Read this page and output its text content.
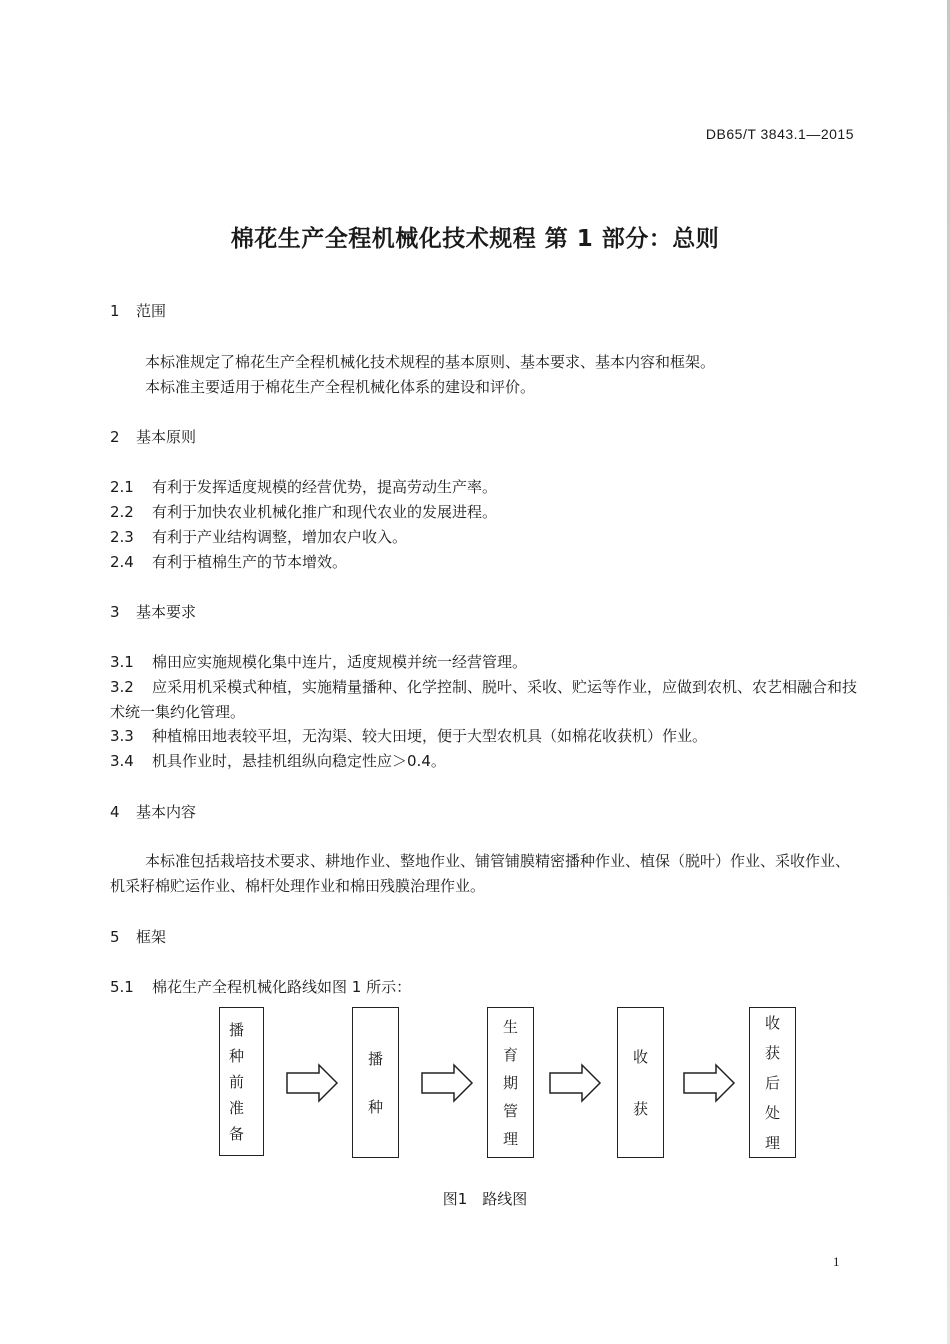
DB65/T 3843.1—2015
棉花生产全程机械化技术规程 第 1 部分：总则
1 范围
本标准规定了棉花生产全程机械化技术规程的基本原则、基本要求、基本内容和框架。
本标准主要适用于棉花生产全程机械化体系的建设和评价。
2 基本原则
2.1 有利于发挥适度规模的经营优势，提高劳动生产率。
2.2 有利于加快农业机械化推广和现代农业的发展进程。
2.3 有利于产业结构调整，增加农户收入。
2.4 有利于植棉生产的节本增效。
3 基本要求
3.1 棉田应实施规模化集中连片，适度规模并统一经营管理。
3.2 应采用机采模式种植，实施精量播种、化学控制、脱叶、采收、贮运等作业，应做到农机、农艺相融合和技术统一集约化管理。
3.3 种植棉田地表较平坦，无沟渠、较大田埂，便于大型农机具（如棉花收获机）作业。
3.4 机具作业时，悬挂机组纵向稳定性应＞0.4。
4 基本内容
本标准包括栽培技术要求、耕地作业、整地作业、铺管铺膜精密播种作业、植保（脱叶）作业、采收作业、机采籽棉贮运作业、棉杆处理作业和棉田残膜治理作业。
5 框架
5.1 棉花生产全程机械化路线如图 1 所示：
播
种
前
准
备
播
种
生
育
期
管
理
收
获
收
获
后
处
理
图1　路线图
1
